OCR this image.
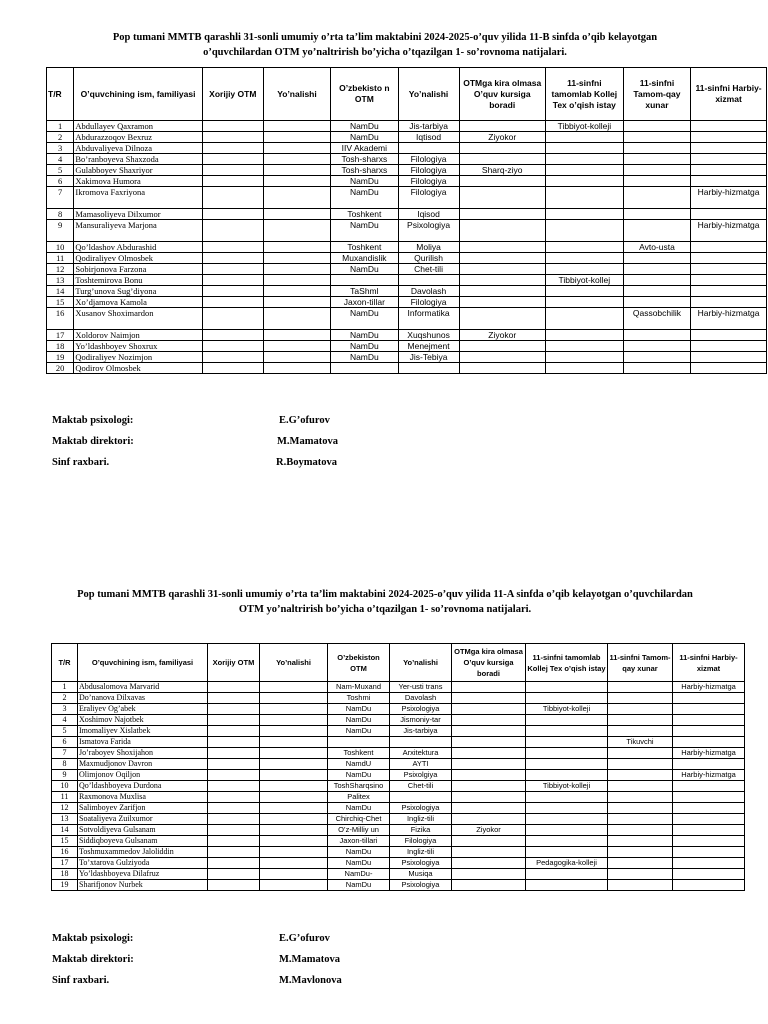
Pop tumani MMTB qarashli 31-sonli umumiy o’rta ta’lim maktabini 2024-2025-o’quv yilida 11-B sinfda o’qib kelayotgan
o’quvchilardan OTM yo’naltrirish bo’yicha o’tqazilgan 1- so’rovnoma natijalari.
T/R	O’quvchining ism, familiyasi	Xorijiy OTM	Yo’nalishi	O’zbekisto n OTM	Yo’nalishi	OTMga kira olmasa O’quv kursiga boradi	11-sinfni tamomlab Kollej Tex o’qish istay	11-sinfni Tamom-qay xunar	11-sinfni Harbiy-xizmat
1	Abdullayev Qaxramon			NamDu	Jis-tarbiya		Tibbiyot-kolleji		
2	Abdurazzoqov Bexruz			NamDu	Iqtisod	Ziyokor			
3	Abduvaliyeva Dilnoza			IIV Akademi					
4	Bo’ranboyeva Shaxzoda			Tosh-sharxs	Filologiya				
5	Gulabboyev Shaxriyor			Tosh-sharxs	Filologiya	Sharq-ziyo			
6	Xakimova Humora			NamDu	Filologiya				
7	Ikromova Faxriyona			NamDu	Filologiya				Harbiy-hizmatga
8	Mamasoliyeva Dilxumor			Toshkent	Iqisod				
9	Mansuraliyeva Marjona			NamDu	Psixologiya				Harbiy-hizmatga
10	Qo’ldashov Abdurashid			Toshkent	Moliya			Avto-usta	
11	Qodiraliyev Olmosbek			Muxandislik	Qurilish				
12	Sobirjonova Farzona			NamDu	Chet-tili				
13	Toshtemirova Bonu						Tibbiyot-kollej		
14	Turg’unova Sug’diyona			TaShml	Davolash				
15	Xo’djamova Kamola			Jaxon-tillar	Filologiya				
16	Xusanov Shoximardon			NamDu	Informatika			Qassobchilik	Harbiy-hizmatga
17	Xoldorov Naimjon			NamDu	Xuqshunos	Ziyokor			
18	Yo’ldashboyev Shoxrux			NamDu	Menejment				
19	Qodiraliyev Nozimjon			NamDu	Jis-Tebiya				
20	Qodirov Olmosbek								
Maktab psixologi:	E.G’ofurov
Maktab direktori:	M.Mamatova
Sinf raxbari.	R.Boymatova
Pop tumani MMTB qarashli 31-sonli umumiy o’rta ta’lim maktabini 2024-2025-o’quv yilida 11-A sinfda o’qib kelayotgan o’quvchilardan
OTM yo’naltrirish bo’yicha o’tqazilgan 1- so’rovnoma natijalari.
T/R	O’quvchining ism, familiyasi	Xorijiy OTM	Yo’nalishi	O’zbekiston OTM	Yo’nalishi	OTMga kira olmasa O’quv kursiga boradi	11-sinfni tamomlab Kollej Tex o’qish istay	11-sinfni Tamom-qay xunar	11-sinfni Harbiy-xizmat
1	Abdusalomova Marvarid			Nam-Muxand	Yer-usti trans				Harbiy-hizmatga
2	Do’nanova Dilxavas			Toshmi	Davolash				
3	Eraliyev Og’abek			NamDu	Psixologiya		Tibbiyot-kolleji		
4	Xoshimov Najotbek			NamDu	Jismoniy-tar				
5	Imomaliyev Xislatbek			NamDu	Jis-tarbiya				
6	Ismatova Farida							Tikuvchi	
7	Jo’raboyev Shoxijahon			Toshkent	Arxitektura				Harbiy-hizmatga
8	Maxmudjonov Davron			NamdU	AYTI				
9	Olimjonov Oqiljon			NamDu	Psixolgiya				Harbiy-hizmatga
10	Qo’ldashboyeva Durdona			ToshSharqsino	Chet-tili		Tibbiyot-kolleji		
11	Raxmonova Muxlisa			Palitex					
12	Salimboyev Zarifjon			NamDu	Psixologiya				
13	Soataliyeva Zuilxumor			Chirchiq-Chet	Ingliz-tili				
14	Sotvoldiyeva Gulsanam			O’z-Milliy un	Fizika	Ziyokor			
15	Siddiqboyeva Gulsanam			Jaxon-tillari	Filologiya				
16	Toshmuxammedov Jaloliddin			NamDu	Ingliz-tili				
17	To’xtarova Gulziyoda			NamDu	Psixologiya		Pedagogika-kolleji		
18	Yo’ldashboyeva Dilafruz			NamDu-	Musiqa				
19	Sharifjonov Nurbek			NamDu	Psixologiya				
Maktab psixologi:	E.G’ofurov
Maktab direktori:	M.Mamatova
Sinf raxbari.	M.Mavlonova
